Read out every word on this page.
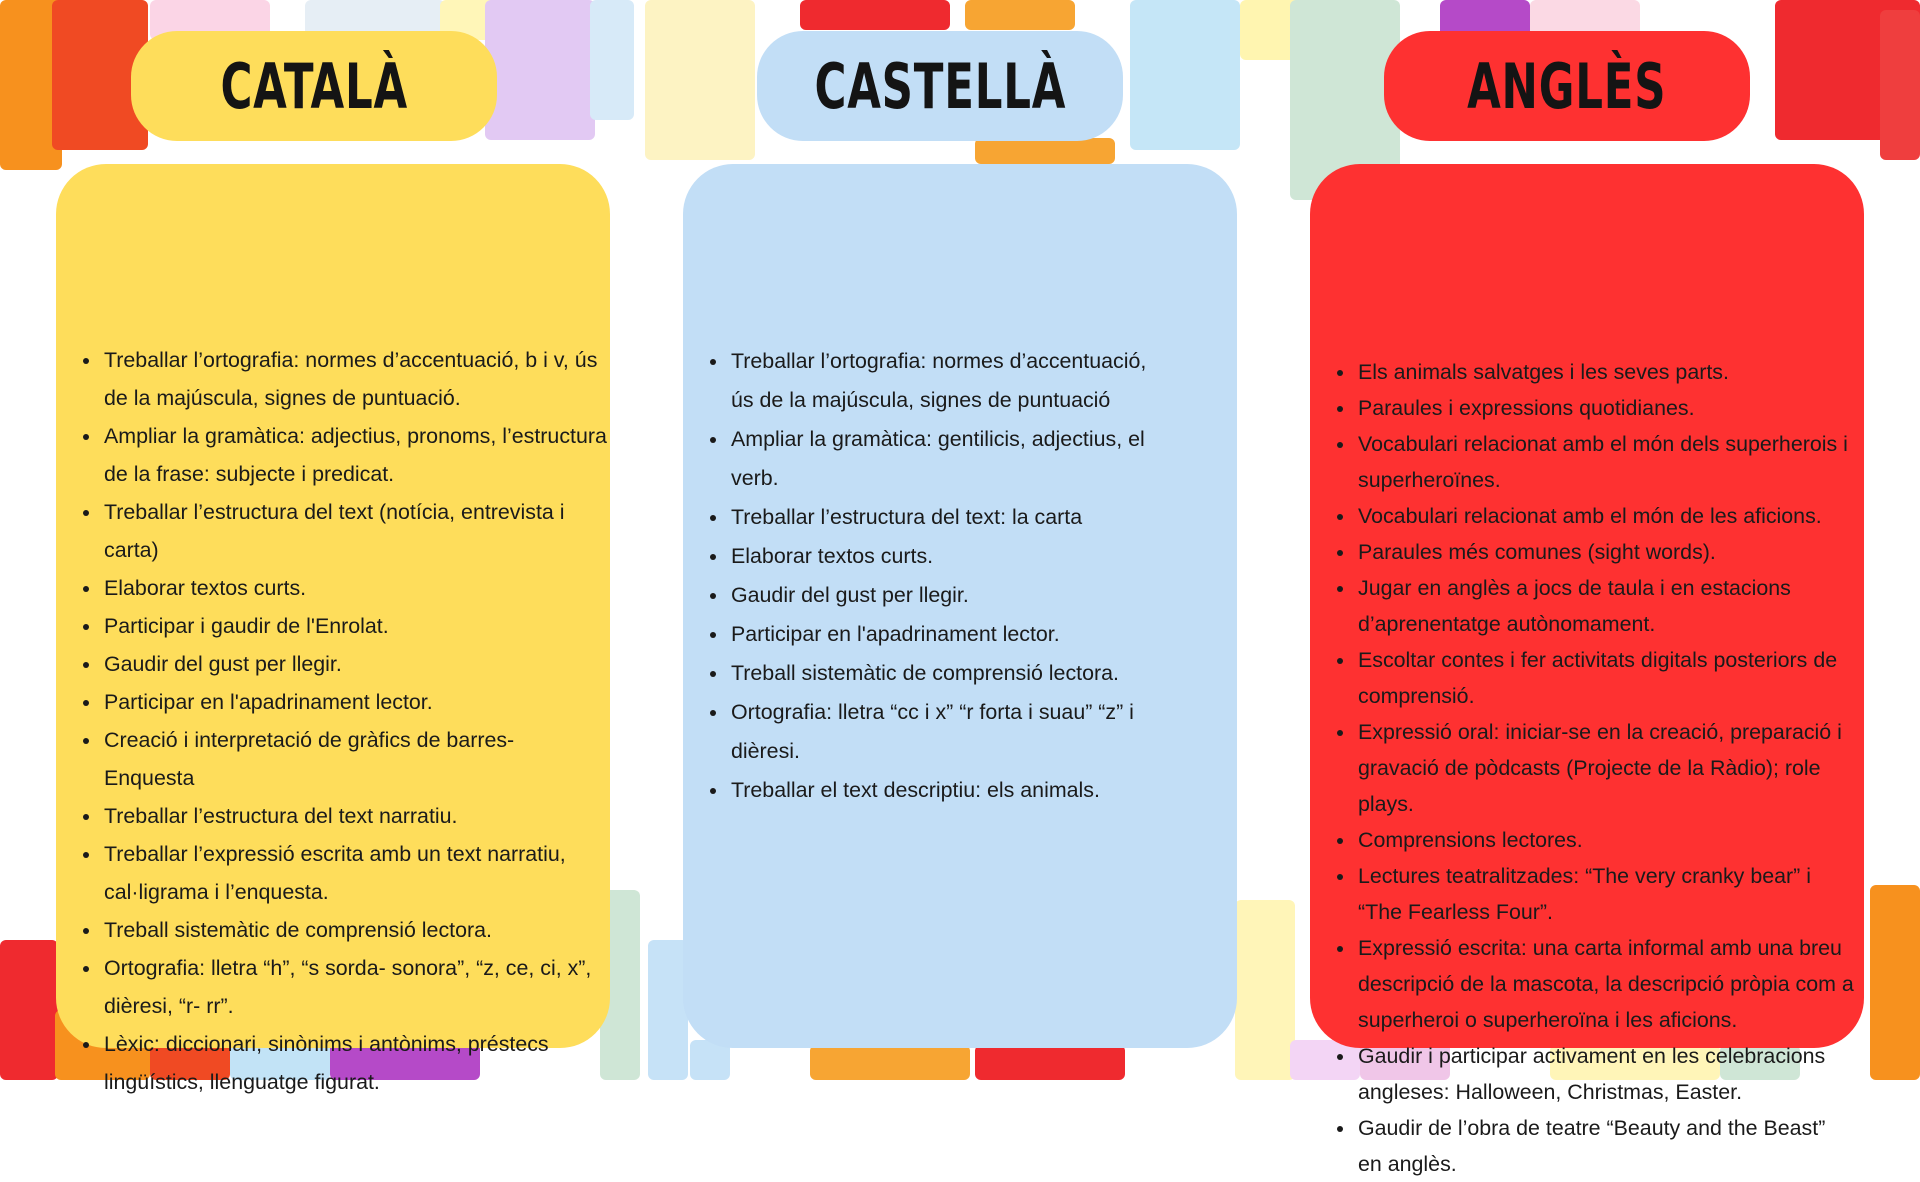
CATALÀ
• Treballar l’ortografia: normes d’accentuació, b i v, ús de la majúscula, signes de puntuació.
• Ampliar la gramàtica: adjectius, pronoms, l’estructura de la frase: subjecte i predicat.
• Treballar l’estructura del text (notícia, entrevista i carta)
• Elaborar textos curts.
• Participar i gaudir de l'Enrolat.
• Gaudir del gust per llegir.
• Participar en l'apadrinament lector.
• Creació i interpretació de gràfics de barres- Enquesta
• Treballar l’estructura del text narratiu.
• Treballar l’expressió escrita amb un text narratiu, cal·ligrama i l’enquesta.
• Treball sistemàtic de comprensió lectora.
• Ortografia: lletra “h”, “s sorda- sonora”, “z, ce, ci, x”, dièresi, “r- rr”.
• Lèxic: diccionari, sinònims i antònims, préstecs lingüístics, llenguatge figurat.
CASTELLÀ
• Treballar l’ortografia: normes d’accentuació, ús de la majúscula, signes de puntuació
• Ampliar la gramàtica: gentilicis, adjectius, el verb.
• Treballar l’estructura del text: la carta
• Elaborar textos curts.
• Gaudir del gust per llegir.
• Participar en l'apadrinament lector.
• Treball sistemàtic de comprensió lectora.
• Ortografia: lletra “cc i x” “r forta i suau” “z” i dièresi.
• Treballar el text descriptiu: els animals.
ANGLÈS
• Els animals salvatges i les seves parts.
• Paraules i expressions quotidianes.
• Vocabulari relacionat amb el món dels superherois i superheroïnes.
• Vocabulari relacionat amb el món de les aficions.
• Paraules més comunes (sight words).
• Jugar en anglès a jocs de taula i en estacions d’aprenentatge autònomament.
• Escoltar contes i fer activitats digitals posteriors de comprensió.
• Expressió oral: iniciar-se en la creació, preparació i gravació de pòdcasts (Projecte de la Ràdio); role plays.
• Comprensions lectores.
• Lectures teatralitzades: “The very cranky bear” i “The Fearless Four”.
• Expressió escrita: una carta informal amb una breu descripció de la mascota, la descripció pròpia com a superheroi o superheroïna i les aficions.
• Gaudir i participar activament en les celebracions angleses: Halloween, Christmas, Easter.
• Gaudir de l’obra de teatre “Beauty and the Beast” en anglès.
